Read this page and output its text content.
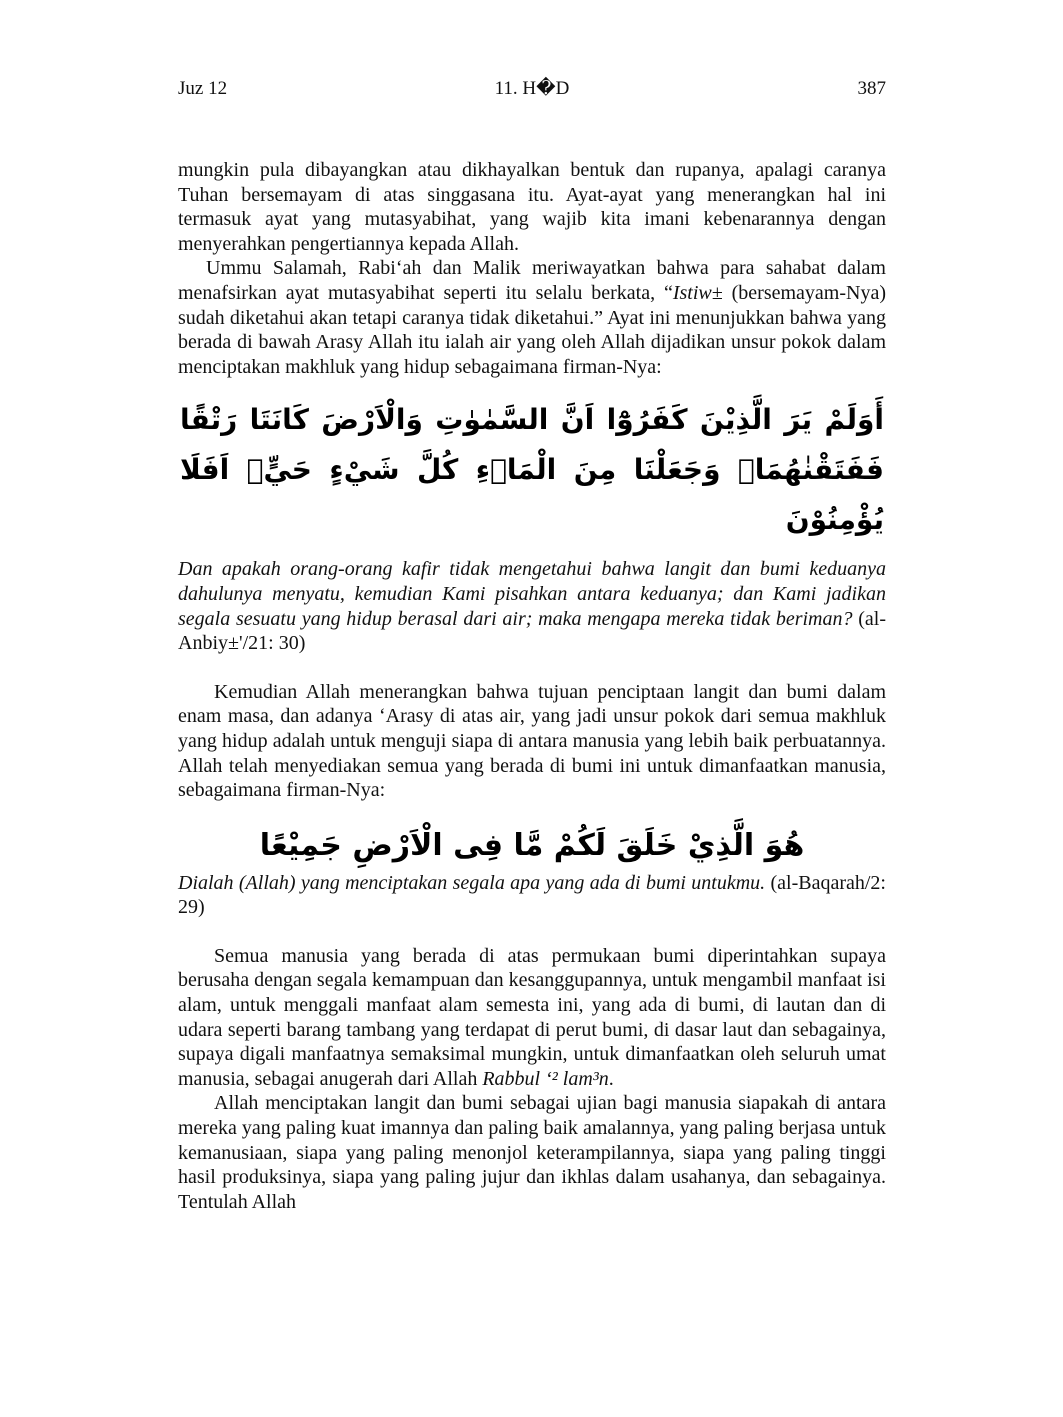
Juz 12	11. H�D	387

mungkin pula dibayangkan atau dikhayalkan bentuk dan rupanya, apalagi caranya Tuhan bersemayam di atas singgasana itu. Ayat-ayat yang menerangkan hal ini termasuk ayat yang mutasyabihat, yang wajib kita imani kebenarannya dengan menyerahkan pengertiannya kepada Allah.

Ummu Salamah, Rabi‘ah dan Malik meriwayatkan bahwa para sahabat dalam menafsirkan ayat mutasyabihat seperti itu selalu berkata, “Istiw± (bersemayam-Nya) sudah diketahui akan tetapi caranya tidak diketahui.” Ayat ini menunjukkan bahwa yang berada di bawah Arasy Allah itu ialah air yang oleh Allah dijadikan unsur pokok dalam menciptakan makhluk yang hidup sebagaimana firman-Nya:

أَوَلَمْ يَرَ الَّذِيْنَ كَفَرُوْٓا اَنَّ السَّمٰوٰتِ وَالْاَرْضَ كَانَتَا رَتْقًا فَفَتَقْنٰهُمَاۗ وَجَعَلْنَا مِنَ الْمَاۤءِ كُلَّ شَيْءٍ حَيٍّۗ اَفَلَا يُؤْمِنُوْنَ

Dan apakah orang-orang kafir tidak mengetahui bahwa langit dan bumi keduanya dahulunya menyatu, kemudian Kami pisahkan antara keduanya; dan Kami jadikan segala sesuatu yang hidup berasal dari air; maka mengapa mereka tidak beriman? (al-Anbiy±'/21: 30)

Kemudian Allah menerangkan bahwa tujuan penciptaan langit dan bumi dalam enam masa, dan adanya ‘Arasy di atas air, yang jadi unsur pokok dari semua makhluk yang hidup adalah untuk menguji siapa di antara manusia yang lebih baik perbuatannya. Allah telah menyediakan semua yang berada di bumi ini untuk dimanfaatkan manusia, sebagaimana firman-Nya:

هُوَ الَّذِيْ خَلَقَ لَكُمْ مَّا فِى الْاَرْضِ جَمِيْعًا

Dialah (Allah) yang menciptakan segala apa yang ada di bumi untukmu. (al-Baqarah/2: 29)

Semua manusia yang berada di atas permukaan bumi diperintahkan supaya berusaha dengan segala kemampuan dan kesanggupannya, untuk mengambil manfaat isi alam, untuk menggali manfaat alam semesta ini, yang ada di bumi, di lautan dan di udara seperti barang tambang yang terdapat di perut bumi, di dasar laut dan sebagainya, supaya digali manfaatnya semaksimal mungkin, untuk dimanfaatkan oleh seluruh umat manusia, sebagai anugerah dari Allah Rabbul ‘² lam³n.

Allah menciptakan langit dan bumi sebagai ujian bagi manusia siapakah di antara mereka yang paling kuat imannya dan paling baik amalannya, yang paling berjasa untuk kemanusiaan, siapa yang paling menonjol keterampilannya, siapa yang paling tinggi hasil produksinya, siapa yang paling jujur dan ikhlas dalam usahanya, dan sebagainya. Tentulah Allah
